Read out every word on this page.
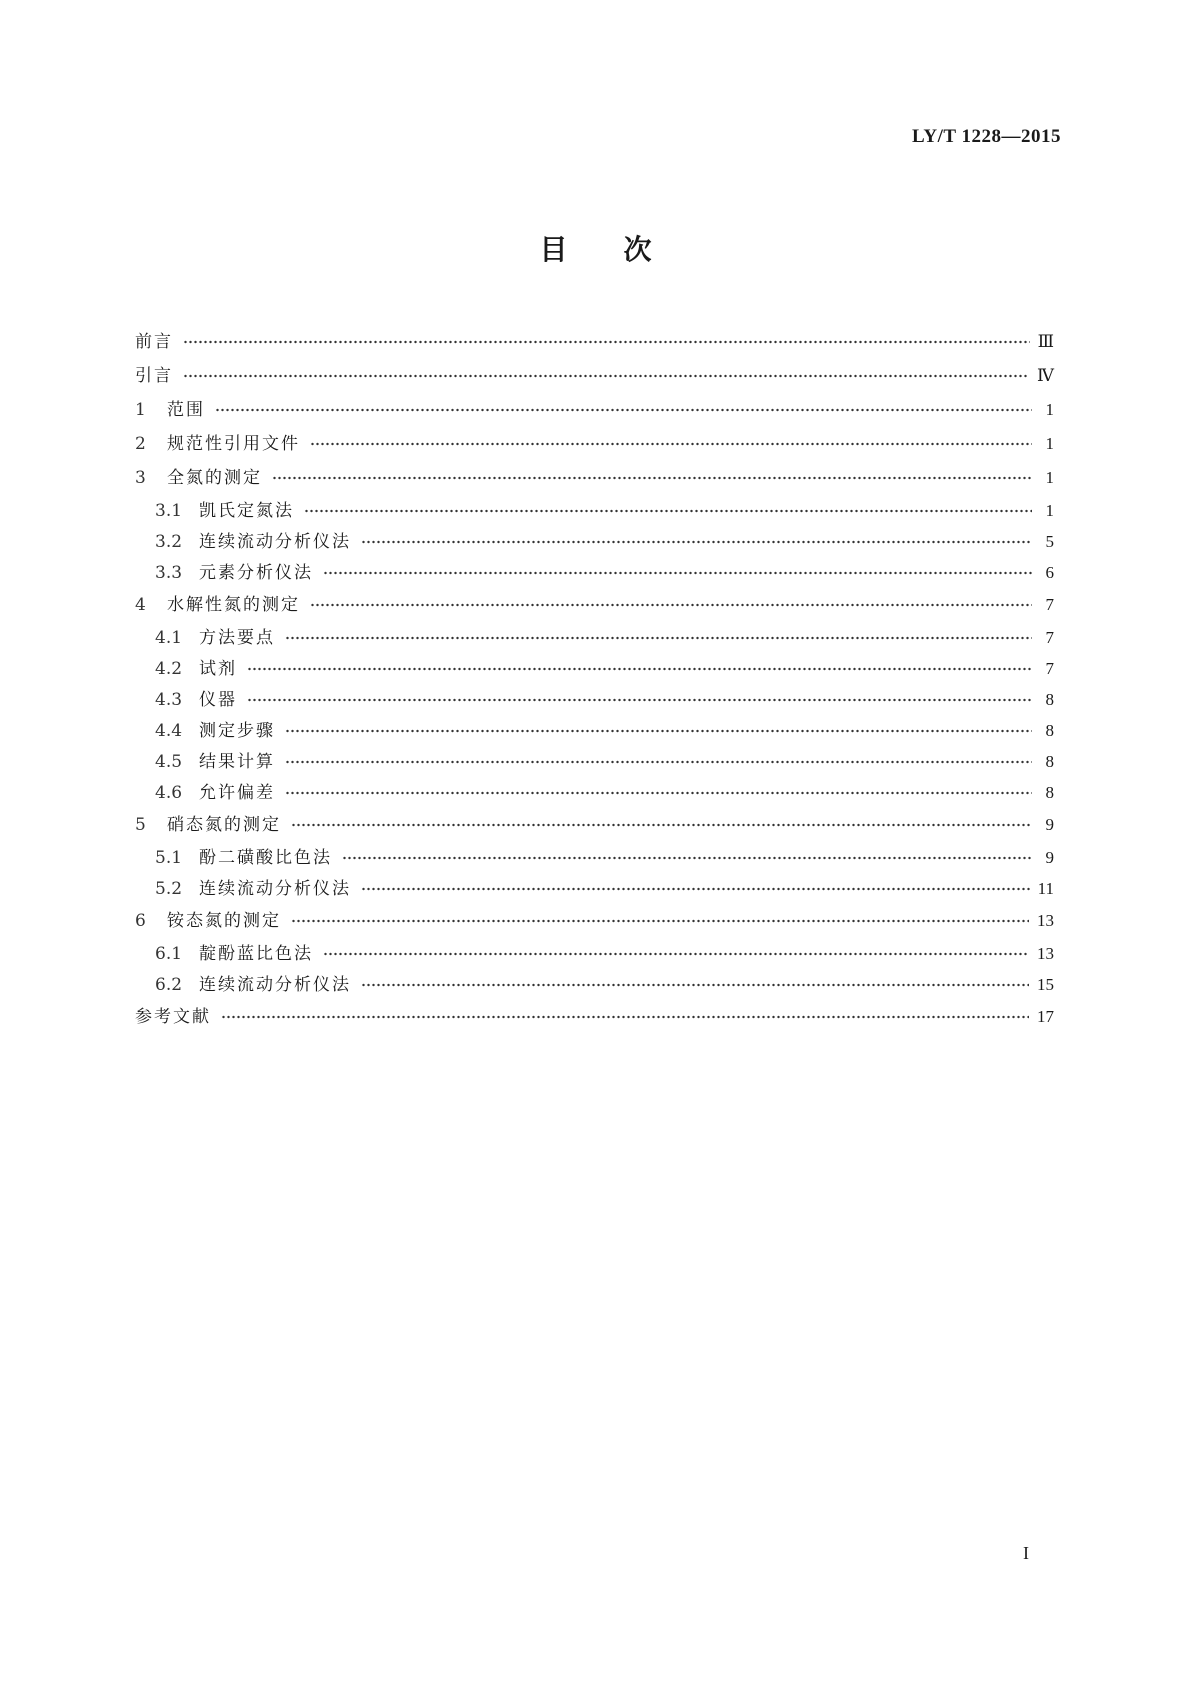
LY/T 1228—2015
目 次
前言	Ⅲ
引言	Ⅳ
1	范围	1
2	规范性引用文件	1
3	全氮的测定	1
3.1 凯氏定氮法	1
3.2 连续流动分析仪法	5
3.3 元素分析仪法	6
4	水解性氮的测定	7
4.1 方法要点	7
4.2 试剂	7
4.3 仪器	8
4.4 测定步骤	8
4.5 结果计算	8
4.6 允许偏差	8
5	硝态氮的测定	9
5.1 酚二磺酸比色法	9
5.2 连续流动分析仪法	11
6	铵态氮的测定	13
6.1 靛酚蓝比色法	13
6.2 连续流动分析仪法	15
参考文献	17
I
